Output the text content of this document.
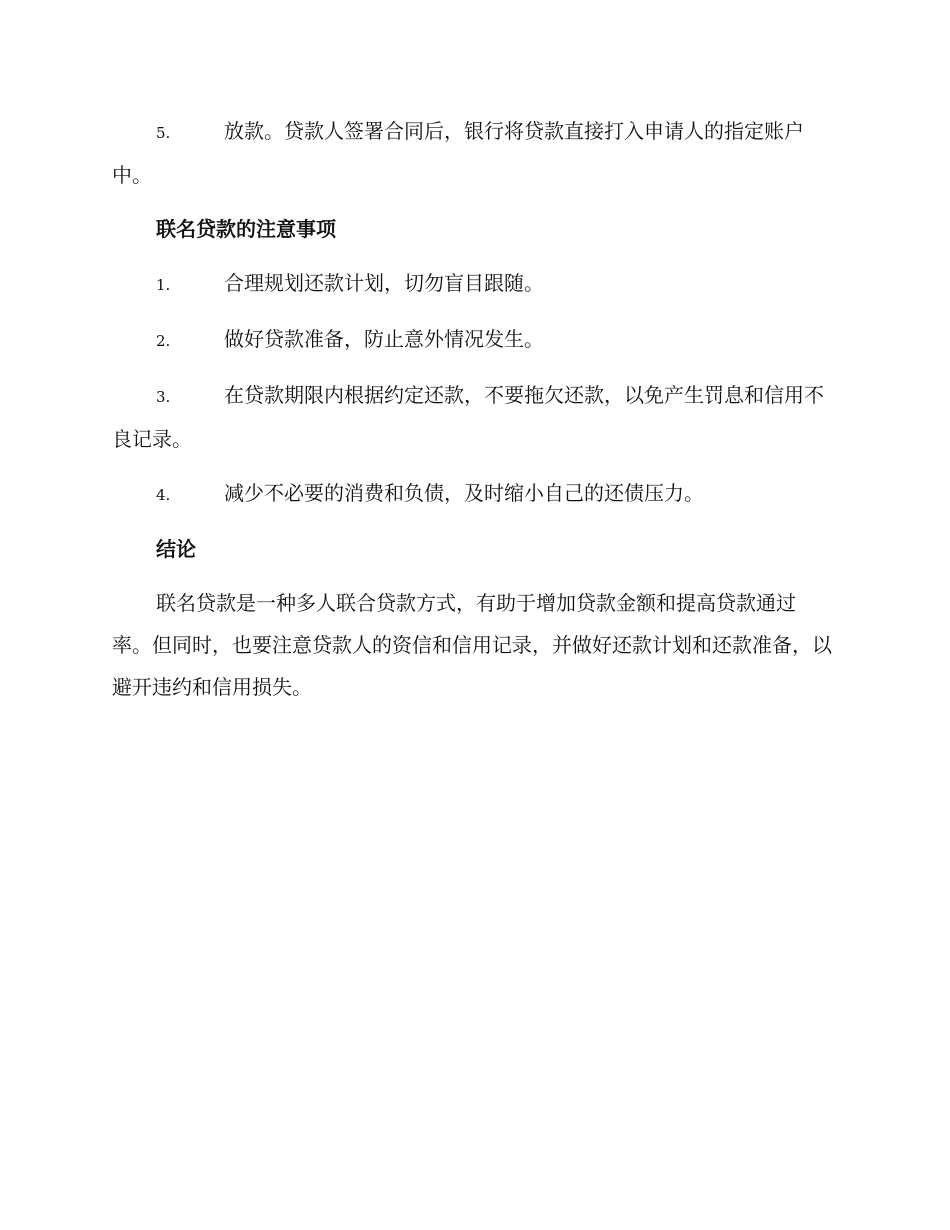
5.	放款。贷款人签署合同后，银行将贷款直接打入申请人的指定账户中。
联名贷款的注意事项
1.	合理规划还款计划，切勿盲目跟随。
2.	做好贷款准备，防止意外情况发生。
3.	在贷款期限内根据约定还款，不要拖欠还款，以免产生罚息和信用不良记录。
4.	减少不必要的消费和负债，及时缩小自己的还债压力。
结论

联名贷款是一种多人联合贷款方式，有助于增加贷款金额和提高贷款通过率。但同时，也要注意贷款人的资信和信用记录，并做好还款计划和还款准备，以避开违约和信用损失。
